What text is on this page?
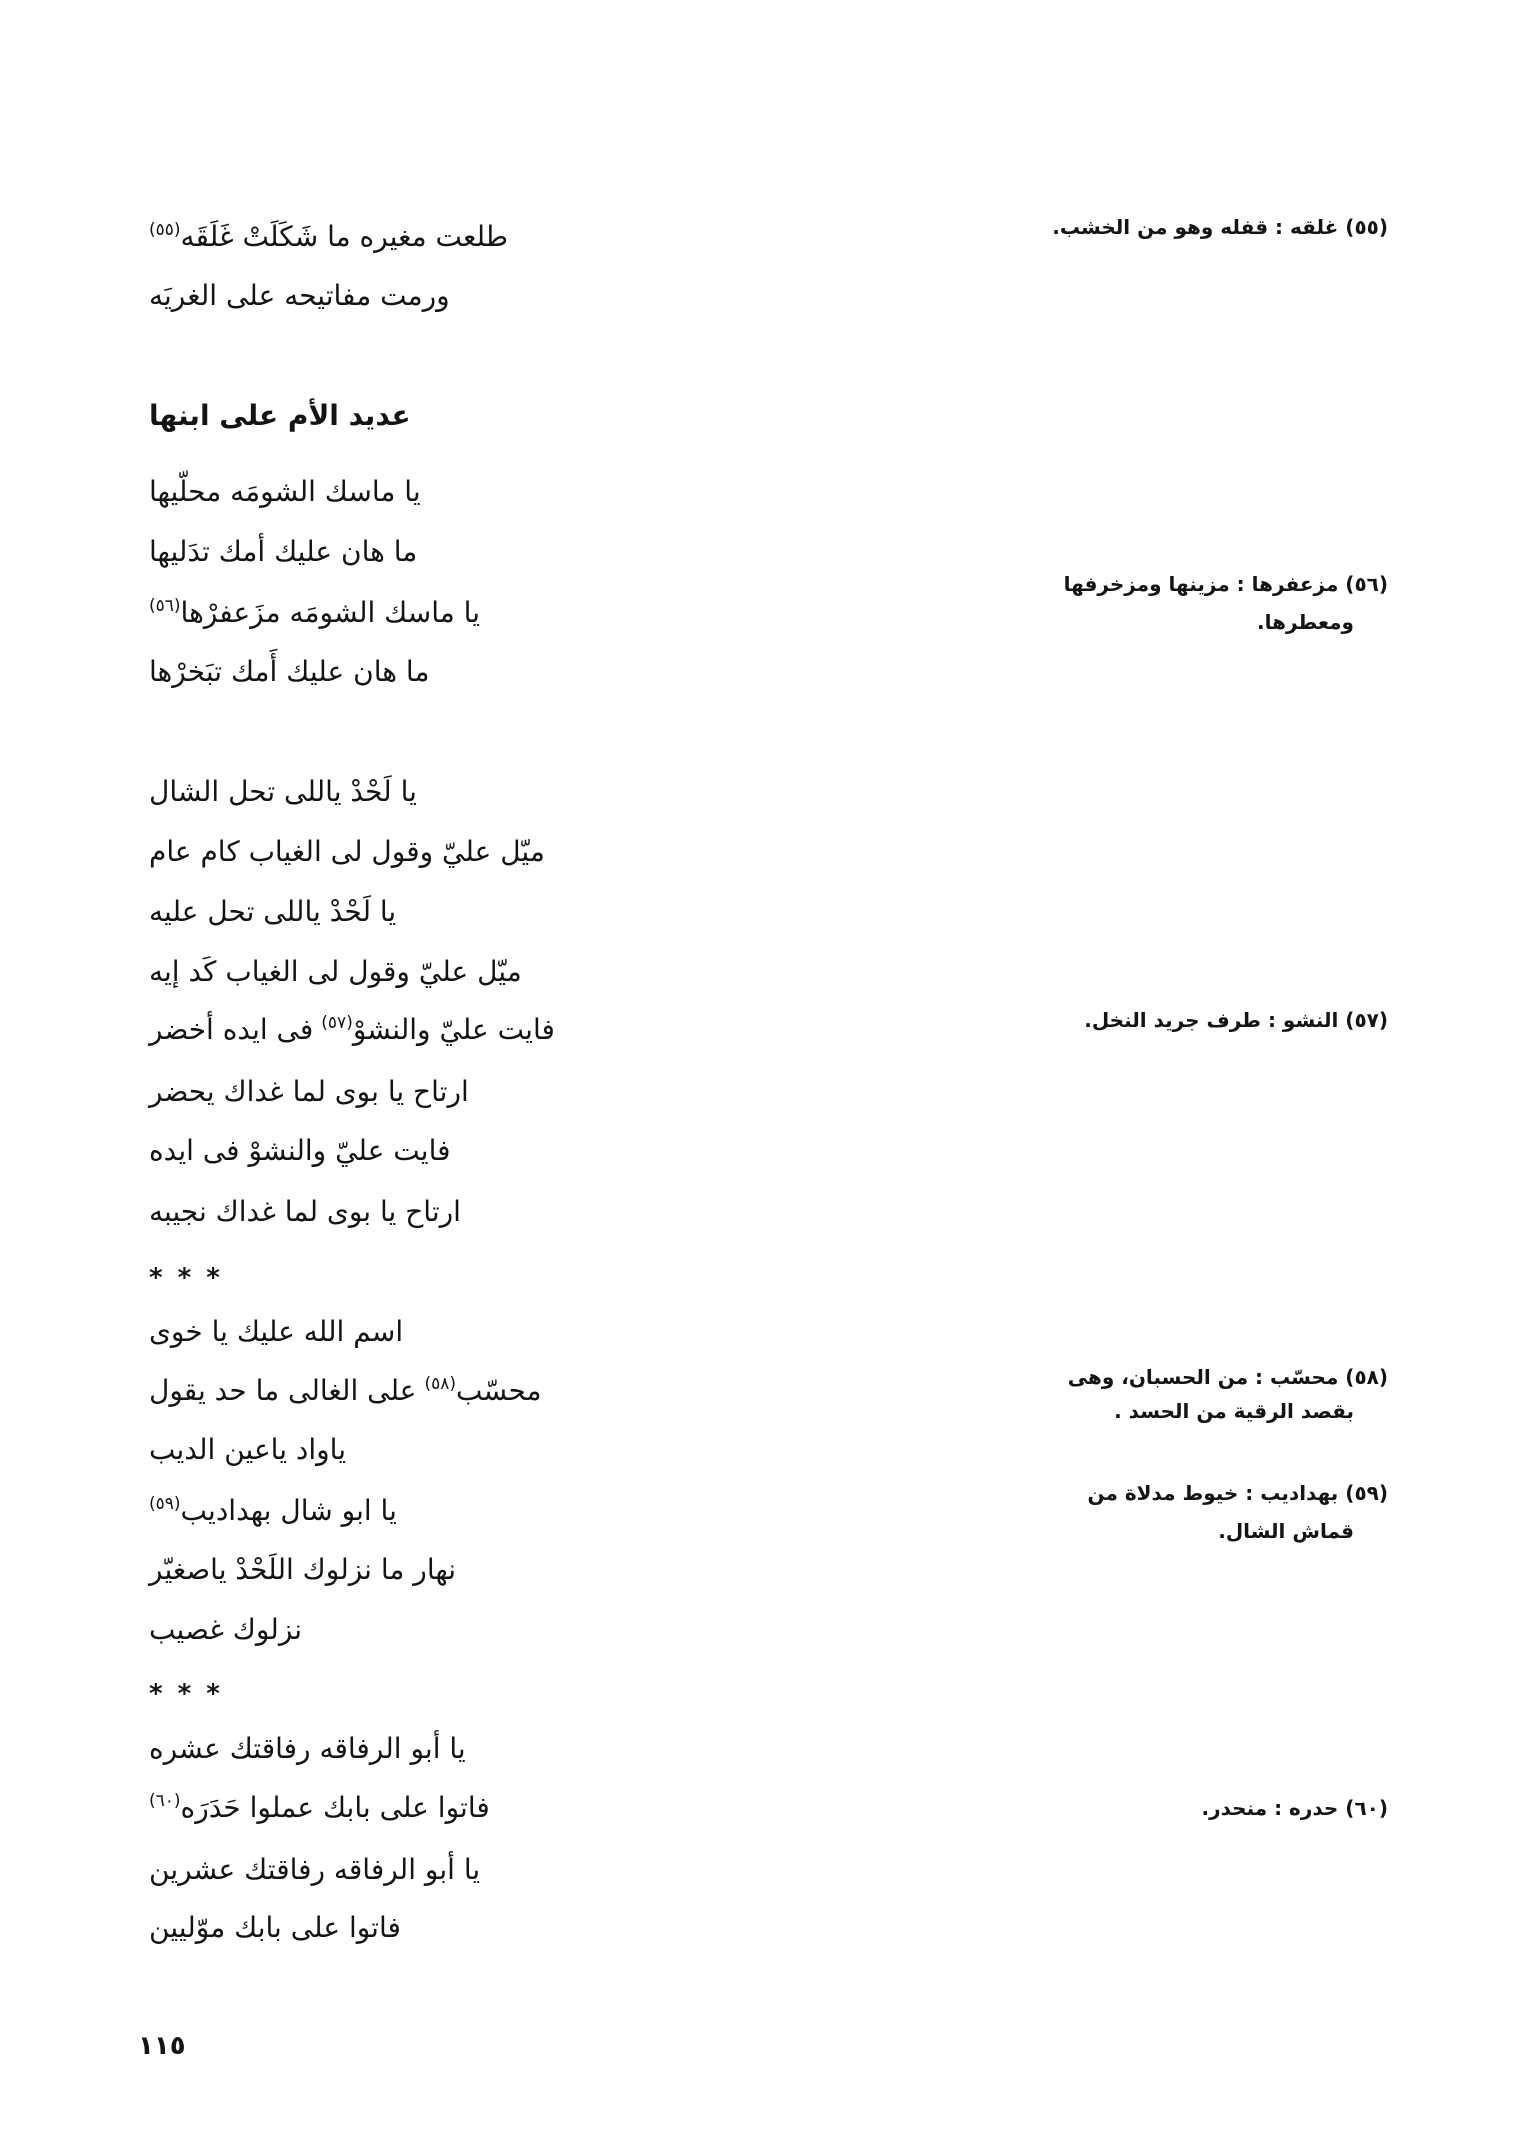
طلعت مغيره ما شَكَلَتْ غَلَقَه$^{(٥٥)}$
ورمت مفاتيحه على الغريَه
عديد الأم على ابنها
يا ماسك الشومَه محلّيها
ما هان عليك أمك تدَليها
يا ماسك الشومَه مزَعفرْها$^{(٥٦)}$
ما هان عليك أَمك تبَخرْها
يا لَحْدْ ياللى تحل الشال
ميّل عليّ وقول لى الغياب كام عام
يا لَحْدْ ياللى تحل عليه
ميّل عليّ وقول لى الغياب كَد إيه
فايت عليّ والنشوْ$^{(٥٧)}$فى ايده أخضر
ارتاح يا بوى لما غداك يحضر
فايت عليّ والنشوْ فى ايده
ارتاح يا بوى لما غداك نجيبه
* * *
اسم الله عليك يا خوى
محسّب$^{(٥٨)}$على الغالى ما حد يقول
ياواد ياعين الديب
يا ابو شال بهداديب$^{(٥٩)}$
نهار ما نزلوك اللَحْدْ ياصغيّر
نزلوك غصيب
* * *
يا أبو الرفاقه رفاقتك عشره
فاتوا على بابك عملوا حَدَرَه$^{(٦٠)}$
يا أبو الرفاقه رفاقتك عشرين
فاتوا على بابك موّليين
(٥٥) غلقه : قفله وهو من الخشب.
(٥٦) مزعفرها : مزينها ومزخرفها
ومعطرها.
(٥٧) النشو : طرف جريد النخل.
(٥٨) محسّب : من الحسبان، وهى
بقصد الرقية من الحسد .
(٥٩) بهداديب : خيوط مدلاة من
قماش الشال.
(٦٠) حدره : منحدر.
١١٥
